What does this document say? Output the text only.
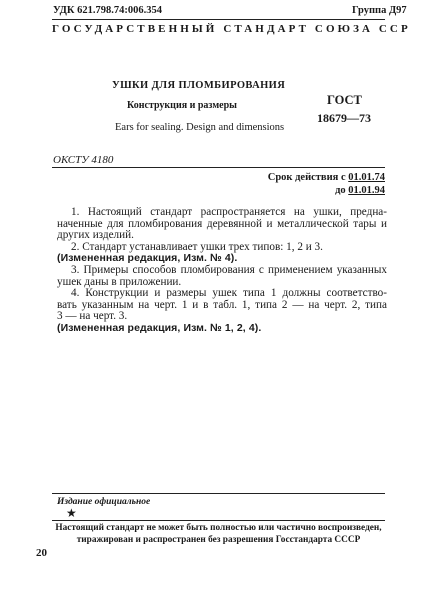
УДК 621.798.74:006.354	Группа Д97
ГОСУДАРСТВЕННЫЙ СТАНДАРТ СОЮЗА ССР
УШКИ ДЛЯ ПЛОМБИРОВАНИЯ
Конструкция и размеры
Ears for sealing. Design and dimensions
ГОСТ
18679—73
ОКСТУ 4180
Срок действия с 01.01.74
до 01.01.94
1. Настоящий стандарт распространяется на ушки, предна-
наченные для пломбирования деревянной и металлической тары и
других изделий.
2. Стандарт устанавливает ушки трех типов: 1, 2 и 3.
(Измененная редакция, Изм. № 4).
3. Примеры способов пломбирования с применением указанных
ушек даны в приложении.
4. Конструкции и размеры ушек типа 1 должны соответство-
вать указанным на черт. 1 и в табл. 1, типа 2 — на черт. 2, типа
3 — на черт. 3.
(Измененная редакция, Изм. № 1, 2, 4).
Издание официальное
★
Настоящий стандарт не может быть полностью или частично воспроизведен,
тиражирован и распространен без разрешения Госстандарта СССР
20
